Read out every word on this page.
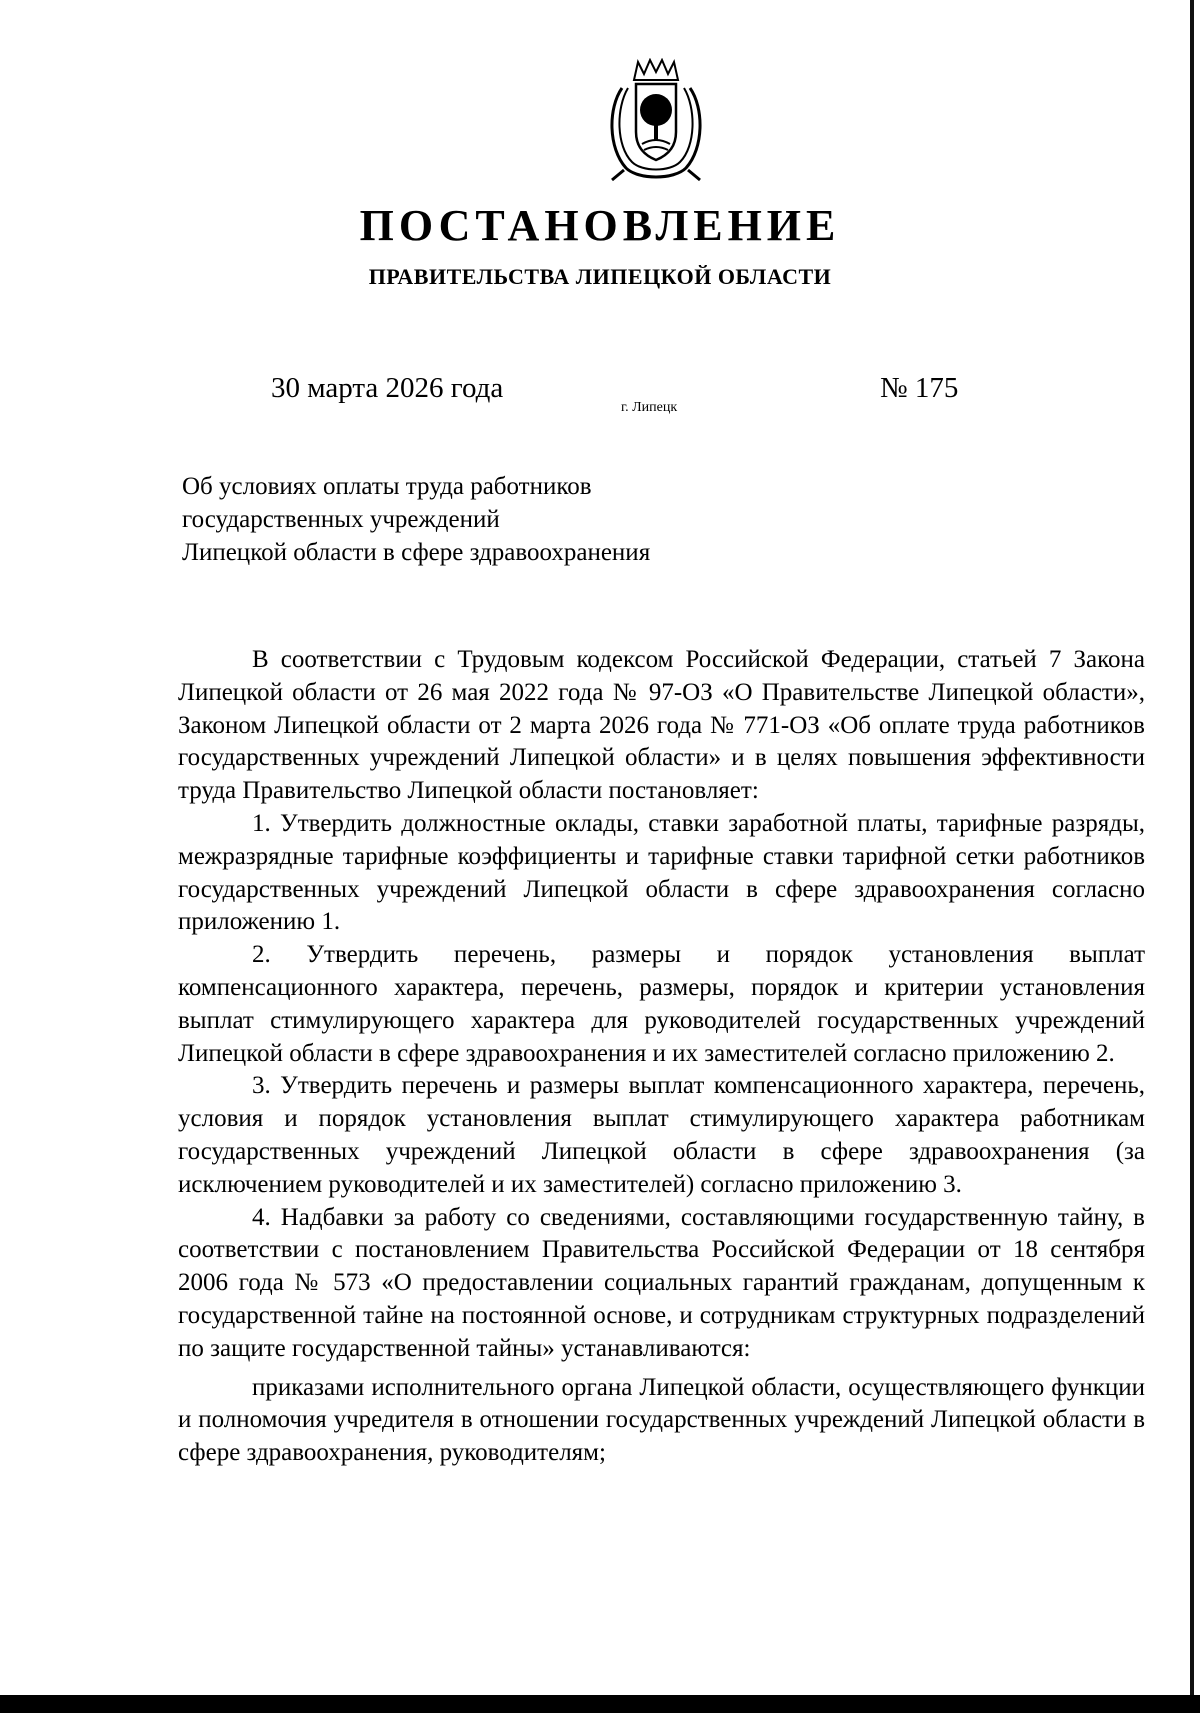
ПОСТАНОВЛЕНИЕ
ПРАВИТЕЛЬСТВА ЛИПЕЦКОЙ ОБЛАСТИ
30 марта 2026 года
г. Липецк
№ 175
Об условиях оплаты труда работников
государственных учреждений
Липецкой области в сфере здравоохранения

В соответствии с Трудовым кодексом Российской Федерации, статьей 7 Закона Липецкой области от 26 мая 2022 года № 97-ОЗ «О Правительстве Липецкой области», Законом Липецкой области от 2 марта 2026 года № 771-ОЗ «Об оплате труда работников государственных учреждений Липецкой области» и в целях повышения эффективности труда Правительство Липецкой области постановляет:

1. Утвердить должностные оклады, ставки заработной платы, тарифные разряды, межразрядные тарифные коэффициенты и тарифные ставки тарифной сетки работников государственных учреждений Липецкой области в сфере здравоохранения согласно приложению 1.

2. Утвердить перечень, размеры и порядок установления выплат компенсационного характера, перечень, размеры, порядок и критерии установления выплат стимулирующего характера для руководителей государственных учреждений Липецкой области в сфере здравоохранения и их заместителей согласно приложению 2.

3. Утвердить перечень и размеры выплат компенсационного характера, перечень, условия и порядок установления выплат стимулирующего характера работникам государственных учреждений Липецкой области в сфере здравоохранения (за исключением руководителей и их заместителей) согласно приложению 3.

4. Надбавки за работу со сведениями, составляющими государственную тайну, в соответствии с постановлением Правительства Российской Федерации от 18 сентября 2006 года № 573 «О предоставлении социальных гарантий гражданам, допущенным к государственной тайне на постоянной основе, и сотрудникам структурных подразделений по защите государственной тайны» устанавливаются:

приказами исполнительного органа Липецкой области, осуществляющего функции и полномочия учредителя в отношении государственных учреждений Липецкой области в сфере здравоохранения, руководителям;
